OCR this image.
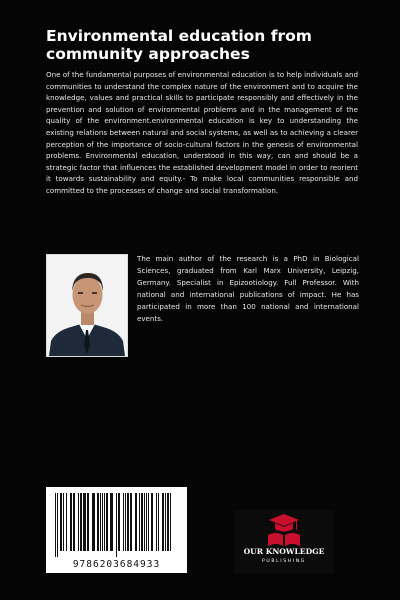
Environmental education from community approaches

One of the fundamental purposes of environmental education is to help individuals and communities to understand the complex nature of the environment and to acquire the knowledge, values and practical skills to participate responsibly and effectively in the prevention and solution of environmental problems and in the management of the quality of the environment.environmental education is key to understanding the existing relations between natural and social systems, as well as to achieving a clearer perception of the importance of socio-cultural factors in the genesis of environmental problems. Environmental education, understood in this way, can and should be a strategic factor that influences the established development model in order to reorient it towards sustainability and equity.- To make local communities responsible and committed to the processes of change and social transformation.

The main author of the research is a PhD in Biological Sciences, graduated from Karl Marx University, Leipzig, Germany. Specialist in Epizootiology. Full Professor. With national and international publications of impact. He has participated in more than 100 national and international events.

9786203684933
OUR KNOWLEDGE
PUBLISHING
